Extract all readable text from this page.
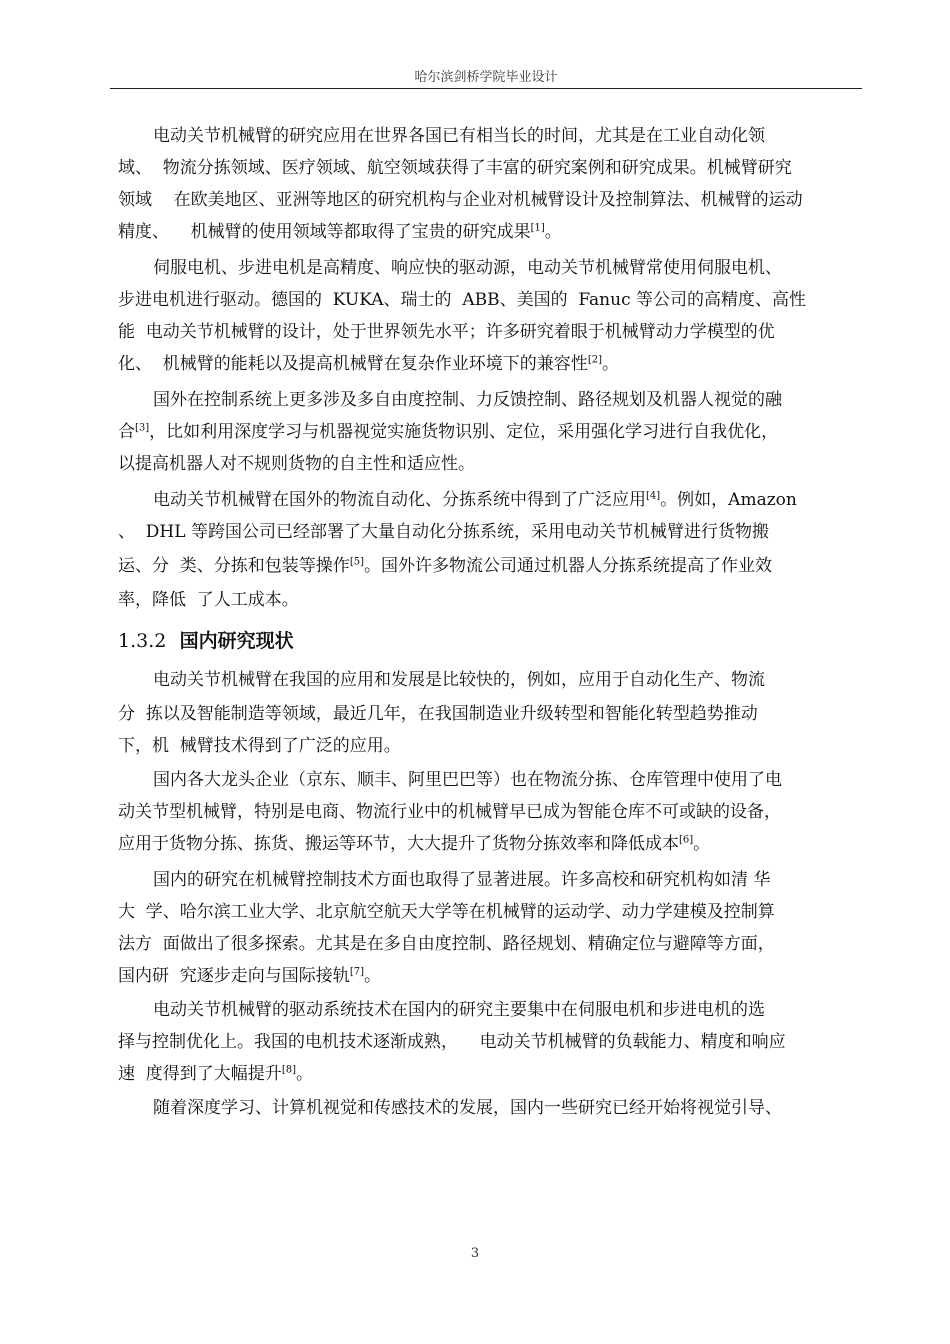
哈尔滨剑桥学院毕业设计
电动关节机械臂的研究应用在世界各国已有相当长的时间，尤其是在工业自动化领
域、  物流分拣领域、医疗领域、航空领域获得了丰富的研究案例和研究成果。机械臂研究
领域    在欧美地区、亚洲等地区的研究机构与企业对机械臂设计及控制算法、机械臂的运动
精度、    机械臂的使用领域等都取得了宝贵的研究成果[1]。
伺服电机、步进电机是高精度、响应快的驱动源，电动关节机械臂常使用伺服电机、
步进电机进行驱动。德国的  KUKA、瑞士的  ABB、美国的  Fanuc 等公司的高精度、高性
能  电动关节机械臂的设计，处于世界领先水平；许多研究着眼于机械臂动力学模型的优
化、  机械臂的能耗以及提高机械臂在复杂作业环境下的兼容性[2]。
国外在控制系统上更多涉及多自由度控制、力反馈控制、路径规划及机器人视觉的融
合[3]，比如利用深度学习与机器视觉实施货物识别、定位，采用强化学习进行自我优化，
以提高机器人对不规则货物的自主性和适应性。
电动关节机械臂在国外的物流自动化、分拣系统中得到了广泛应用[4]。例如，Amazon
、  DHL 等跨国公司已经部署了大量自动化分拣系统，采用电动关节机械臂进行货物搬
运、分  类、分拣和包装等操作[5]。国外许多物流公司通过机器人分拣系统提高了作业效
率，降低  了人工成本。
1.3.2 国内研究现状
电动关节机械臂在我国的应用和发展是比较快的，例如，应用于自动化生产、物流
分  拣以及智能制造等领域，最近几年，在我国制造业升级转型和智能化转型趋势推动
下，机  械臂技术得到了广泛的应用。
国内各大龙头企业（京东、顺丰、阿里巴巴等）也在物流分拣、仓库管理中使用了电
动关节型机械臂，特别是电商、物流行业中的机械臂早已成为智能仓库不可或缺的设备，
应用于货物分拣、拣货、搬运等环节，大大提升了货物分拣效率和降低成本[6]。
国内的研究在机械臂控制技术方面也取得了显著进展。许多高校和研究机构如清 华
大  学、哈尔滨工业大学、北京航空航天大学等在机械臂的运动学、动力学建模及控制算
法方  面做出了很多探索。尤其是在多自由度控制、路径规划、精确定位与避障等方面，
国内研  究逐步走向与国际接轨[7]。
电动关节机械臂的驱动系统技术在国内的研究主要集中在伺服电机和步进电机的选
择与控制优化上。我国的电机技术逐渐成熟，    电动关节机械臂的负载能力、精度和响应
速  度得到了大幅提升[8]。
随着深度学习、计算机视觉和传感技术的发展，国内一些研究已经开始将视觉引导、
3
